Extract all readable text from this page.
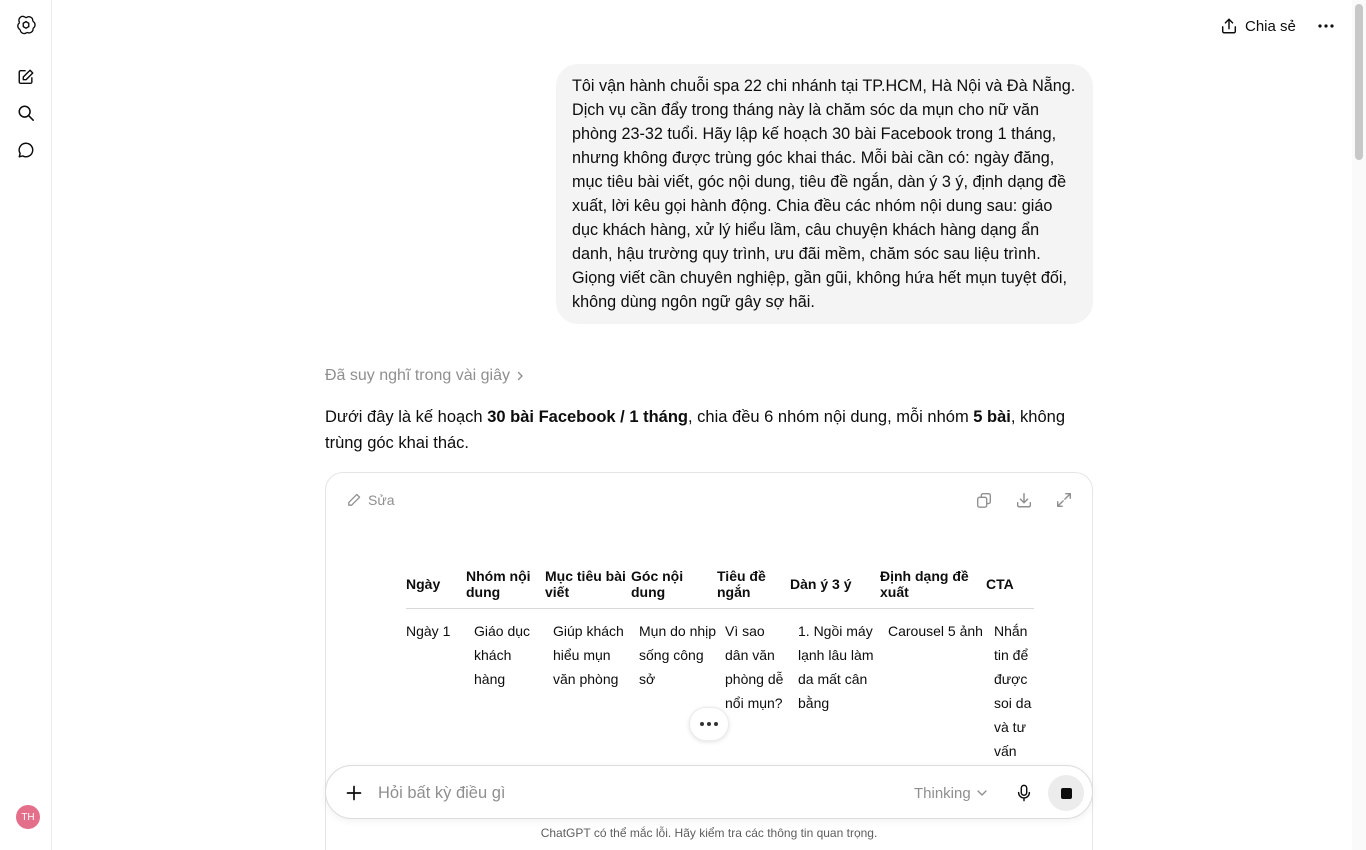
TH
Chia sẻ
Tôi vận hành chuỗi spa 22 chi nhánh tại TP.HCM, Hà Nội và Đà Nẵng. Dịch vụ cần đẩy trong tháng này là chăm sóc da mụn cho nữ văn phòng 23-32 tuổi. Hãy lập kế hoạch 30 bài Facebook trong 1 tháng, nhưng không được trùng góc khai thác. Mỗi bài cần có: ngày đăng, mục tiêu bài viết, góc nội dung, tiêu đề ngắn, dàn ý 3 ý, định dạng đề xuất, lời kêu gọi hành động. Chia đều các nhóm nội dung sau: giáo dục khách hàng, xử lý hiểu lầm, câu chuyện khách hàng dạng ẩn danh, hậu trường quy trình, ưu đãi mềm, chăm sóc sau liệu trình. Giọng viết cần chuyên nghiệp, gần gũi, không hứa hết mụn tuyệt đối, không dùng ngôn ngữ gây sợ hãi.
Đã suy nghĩ trong vài giây
Dưới đây là kế hoạch 30 bài Facebook / 1 tháng, chia đều 6 nhóm nội dung, mỗi nhóm 5 bài, không trùng góc khai thác.
Sửa
Ngày	Nhóm nội dung	Mục tiêu bài viết	Góc nội dung	Tiêu đề ngắn	Dàn ý 3 ý	Định dạng đề xuất	CTA
Ngày 1	Giáo dục khách hàng	Giúp khách hiểu mụn văn phòng	Mụn do nhịp sống công sở	Vì sao dân văn phòng dễ nổi mụn?	1. Ngồi máy lạnh lâu làm da mất cân bằng	Carousel 5 ảnh	Nhắn tin để được soi da và tư vấn
Hỏi bất kỳ điều gì
Thinking
ChatGPT có thể mắc lỗi. Hãy kiểm tra các thông tin quan trọng.
